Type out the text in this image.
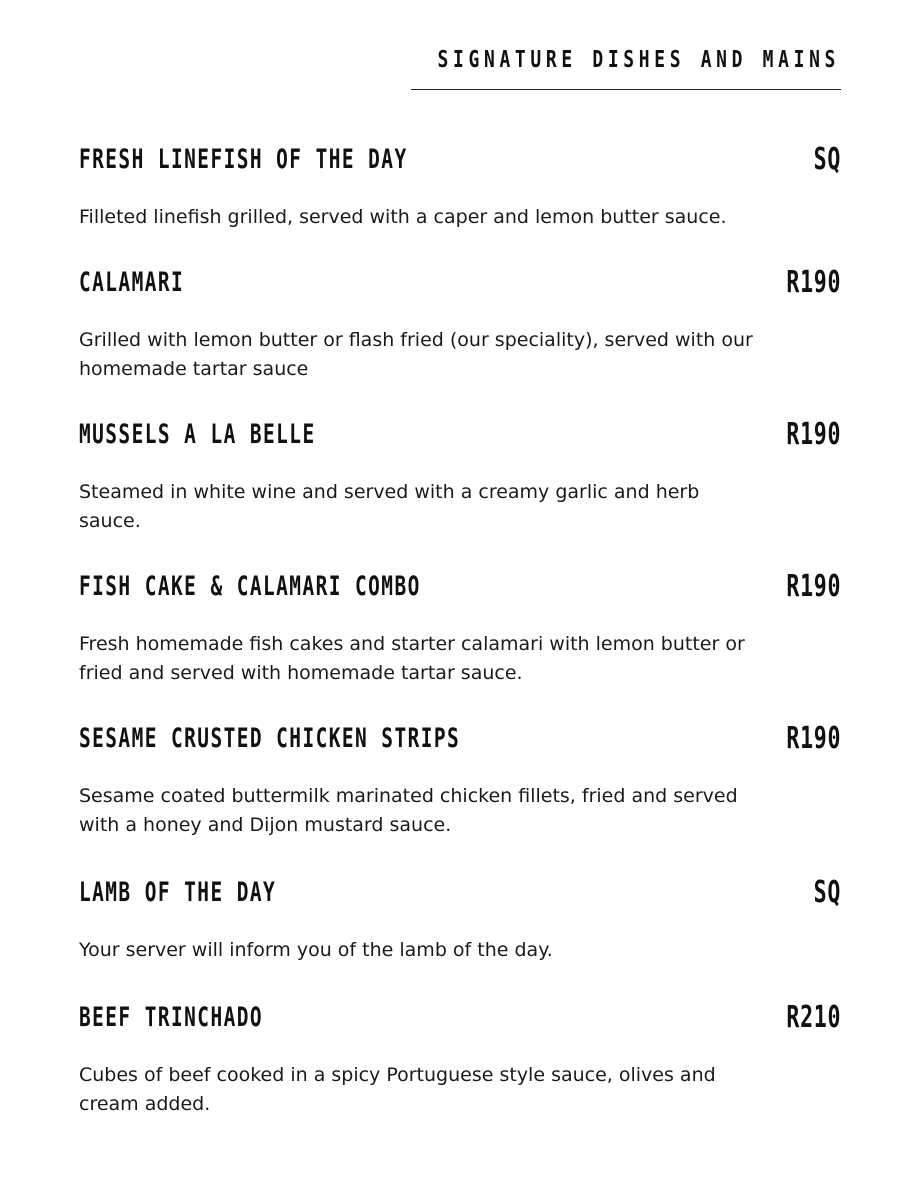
SIGNATURE DISHES AND MAINS
FRESH LINEFISH OF THE DAY	SQ

Filleted linefish grilled, served with a caper and lemon butter sauce.

CALAMARI	R190

Grilled with lemon butter or flash fried (our speciality), served with our homemade tartar sauce

MUSSELS A LA BELLE	R190

Steamed in white wine and served with a creamy garlic and herb sauce.

FISH CAKE & CALAMARI COMBO	R190

Fresh homemade fish cakes and starter calamari with lemon butter or fried and served with homemade tartar sauce.

SESAME CRUSTED CHICKEN STRIPS	R190

Sesame coated buttermilk marinated chicken fillets, fried and served with a honey and Dijon mustard sauce.

LAMB OF THE DAY	SQ

Your server will inform you of the lamb of the day.

BEEF TRINCHADO	R210

Cubes of beef cooked in a spicy Portuguese style sauce, olives and cream added.
